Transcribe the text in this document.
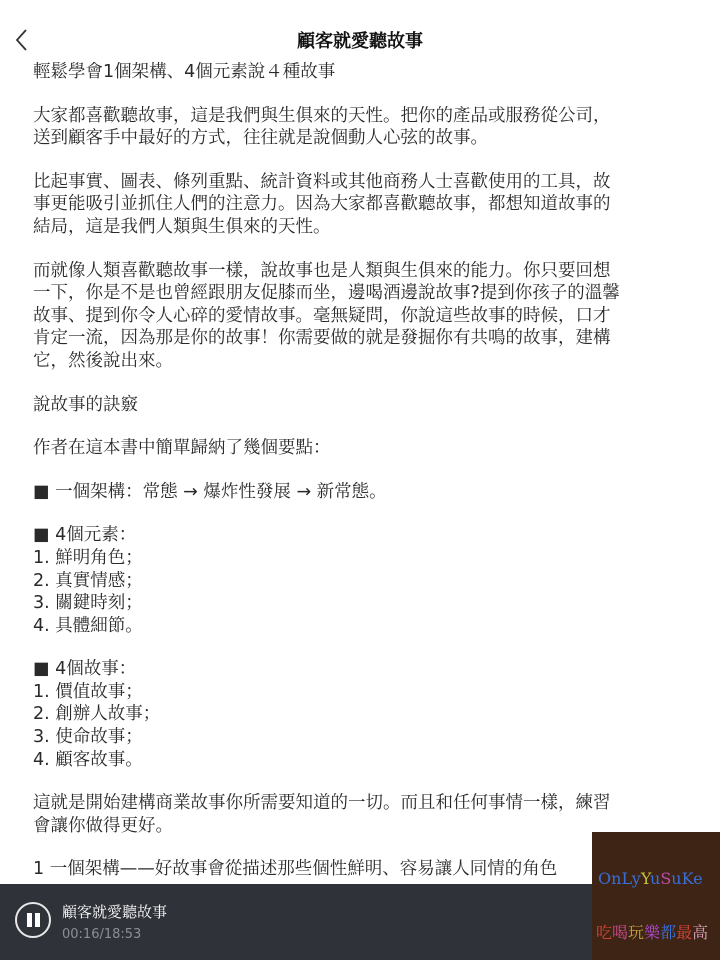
顧客就愛聽故事
輕鬆學會1個架構、4個元素說４種故事
大家都喜歡聽故事，這是我們與生俱來的天性。把你的產品或服務從公司，
送到顧客手中最好的方式，往往就是說個動人心弦的故事。
比起事實、圖表、條列重點、統計資料或其他商務人士喜歡使用的工具，故
事更能吸引並抓住人們的注意力。因為大家都喜歡聽故事，都想知道故事的
結局，這是我們人類與生俱來的天性。
而就像人類喜歡聽故事一樣，說故事也是人類與生俱來的能力。你只要回想
一下，你是不是也曾經跟朋友促膝而坐，邊喝酒邊說故事?提到你孩子的溫馨
故事、提到你令人心碎的愛情故事。毫無疑問，你說這些故事的時候，口才
肯定一流，因為那是你的故事！你需要做的就是發掘你有共鳴的故事，建構
它，然後說出來。
說故事的訣竅
作者在這本書中簡單歸納了幾個要點：
■ 一個架構：常態 → 爆炸性發展 → 新常態。
■ 4個元素：
1. 鮮明角色；
2. 真實情感；
3. 關鍵時刻；
4. 具體細節。
■ 4個故事：
1. 價值故事；
2. 創辦人故事；
3. 使命故事；
4. 顧客故事。
這就是開始建構商業故事你所需要知道的一切。而且和任何事情一樣，練習
會讓你做得更好。
1 一個架構——好故事會從描述那些個性鮮明、容易讓人同情的角色
顧客就愛聽故事
00:16/18:53
OnLyYuSuKe
吃喝玩樂都最高
